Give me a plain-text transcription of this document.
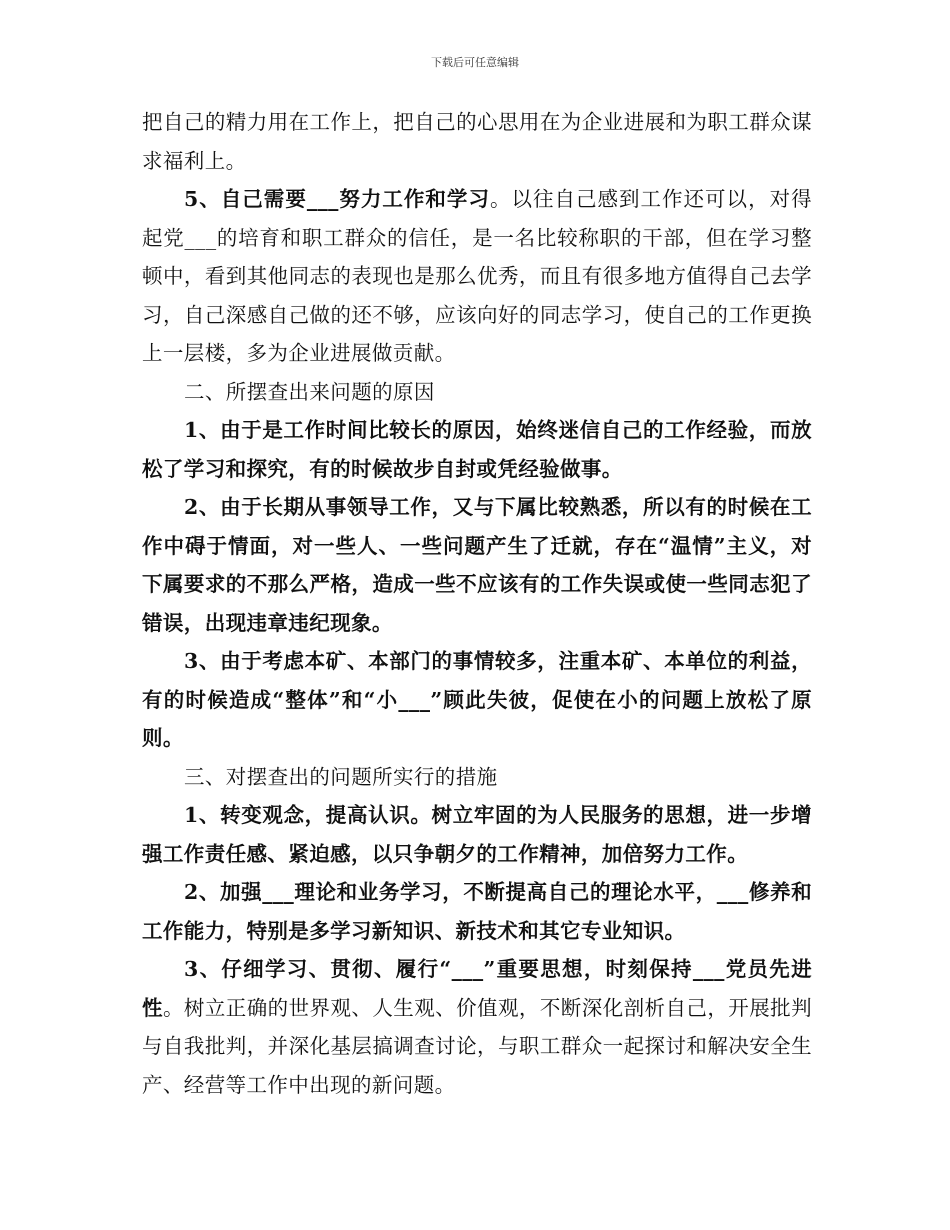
下载后可任意编辑

把自己的精力用在工作上，把自己的心思用在为企业进展和为职工群众谋求福利上。

5、自己需要___努力工作和学习。以往自己感到工作还可以，对得起党___的培育和职工群众的信任，是一名比较称职的干部，但在学习整顿中，看到其他同志的表现也是那么优秀，而且有很多地方值得自己去学习，自己深感自己做的还不够，应该向好的同志学习，使自己的工作更换上一层楼，多为企业进展做贡献。

二、所摆查出来问题的原因

1、由于是工作时间比较长的原因，始终迷信自己的工作经验，而放松了学习和探究，有的时候故步自封或凭经验做事。

2、由于长期从事领导工作，又与下属比较熟悉，所以有的时候在工作中碍于情面，对一些人、一些问题产生了迁就，存在“温情”主义，对下属要求的不那么严格，造成一些不应该有的工作失误或使一些同志犯了错误，出现违章违纪现象。

3、由于考虑本矿、本部门的事情较多，注重本矿、本单位的利益，有的时候造成“整体”和“小___”顾此失彼，促使在小的问题上放松了原则。

三、对摆查出的问题所实行的措施

1、转变观念，提高认识。树立牢固的为人民服务的思想，进一步增强工作责任感、紧迫感，以只争朝夕的工作精神，加倍努力工作。

2、加强___理论和业务学习，不断提高自己的理论水平，___修养和工作能力，特别是多学习新知识、新技术和其它专业知识。

3、仔细学习、贯彻、履行“___”重要思想，时刻保持___党员先进性。树立正确的世界观、人生观、价值观，不断深化剖析自己，开展批判与自我批判，并深化基层搞调查讨论，与职工群众一起探讨和解决安全生产、经营等工作中出现的新问题。
